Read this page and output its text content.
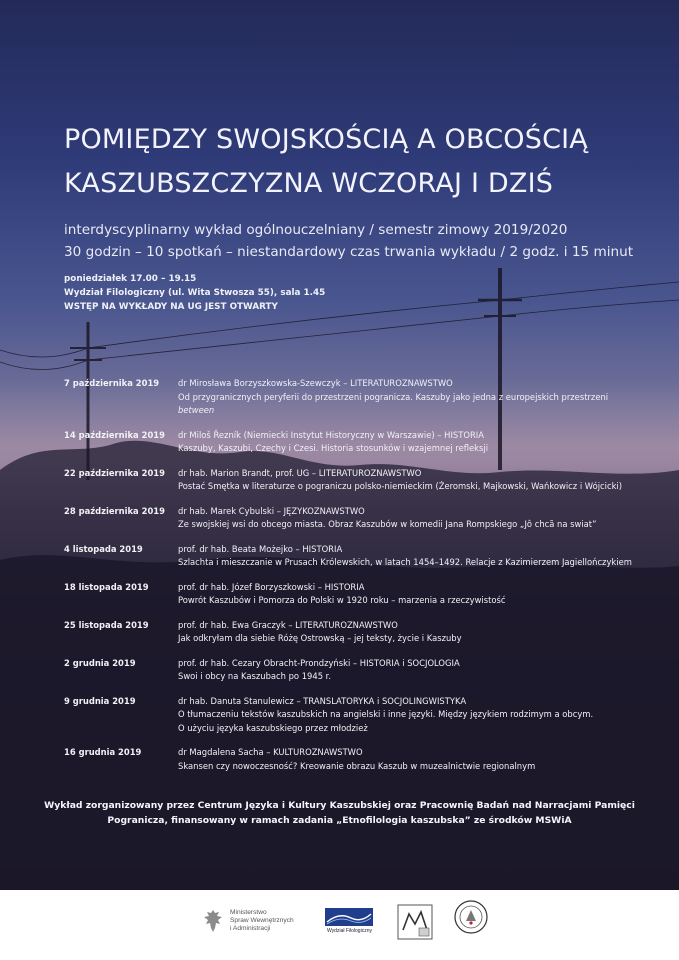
POMIĘDZY SWOJSKOŚCIĄ A OBCOŚCIĄ
KASZUBSZCZYZNA WCZORAJ I DZIŚ
interdyscyplinarny wykład ogólnouczelniany / semestr zimowy 2019/2020
30 godzin – 10 spotkań – niestandardowy czas trwania wykładu / 2 godz. i 15 minut
poniedziałek 17.00 – 19.15
Wydział Filologiczny (ul. Wita Stwosza 55), sala 1.45
WSTĘP NA WYKŁADY NA UG JEST OTWARTY
7 października 2019	dr Mirosława Borzyszkowska-Szewczyk – LITERATUROZNAWSTWO
Od przygranicznych peryferii do przestrzeni pogranicza. Kaszuby jako jedna z europejskich przestrzeni
between
14 października 2019	dr Miloš Řezník (Niemiecki Instytut Historyczny w Warszawie) – HISTORIA
Kaszuby, Kaszubi, Czechy i Czesi. Historia stosunków i wzajemnej refleksji
22 października 2019	dr hab. Marion Brandt, prof. UG – LITERATUROZNAWSTWO
Postać Smętka w literaturze o pograniczu polsko-niemieckim (Żeromski, Majkowski, Wańkowicz i Wójcicki)
28 października 2019	dr hab. Marek Cybulski – JĘZYKOZNAWSTWO
Ze swojskiej wsi do obcego miasta. Obraz Kaszubów w komedii Jana Rompskiego „Jô chcã na swiat”
4 listopada 2019	prof. dr hab. Beata Możejko – HISTORIA
Szlachta i mieszczanie w Prusach Królewskich, w latach 1454–1492. Relacje z Kazimierzem Jagiellończykiem
18 listopada 2019	prof. dr hab. Józef Borzyszkowski – HISTORIA
Powrót Kaszubów i Pomorza do Polski w 1920 roku – marzenia a rzeczywistość
25 listopada 2019	prof. dr hab. Ewa Graczyk – LITERATUROZNAWSTWO
Jak odkryłam dla siebie Różę Ostrowską – jej teksty, życie i Kaszuby
2 grudnia 2019	prof. dr hab. Cezary Obracht-Prondzyński – HISTORIA i SOCJOLOGIA
Swoi i obcy na Kaszubach po 1945 r.
9 grudnia 2019	dr hab. Danuta Stanulewicz – TRANSLATORYKA i SOCJOLINGWISTYKA
O tłumaczeniu tekstów kaszubskich na angielski i inne języki. Między językiem rodzimym a obcym.
O użyciu języka kaszubskiego przez młodzież
16 grudnia 2019	dr Magdalena Sacha – KULTUROZNAWSTWO
Skansen czy nowoczesność? Kreowanie obrazu Kaszub w muzealnictwie regionalnym
Wykład zorganizowany przez Centrum Języka i Kultury Kaszubskiej oraz Pracownię Badań nad Narracjami Pamięci
Pogranicza, finansowany w ramach zadania „Etnofilologia kaszubska” ze środków MSWiA
Ministerstwo
Spraw Wewnętrznych
i Administracji	Wydział Filologiczny
